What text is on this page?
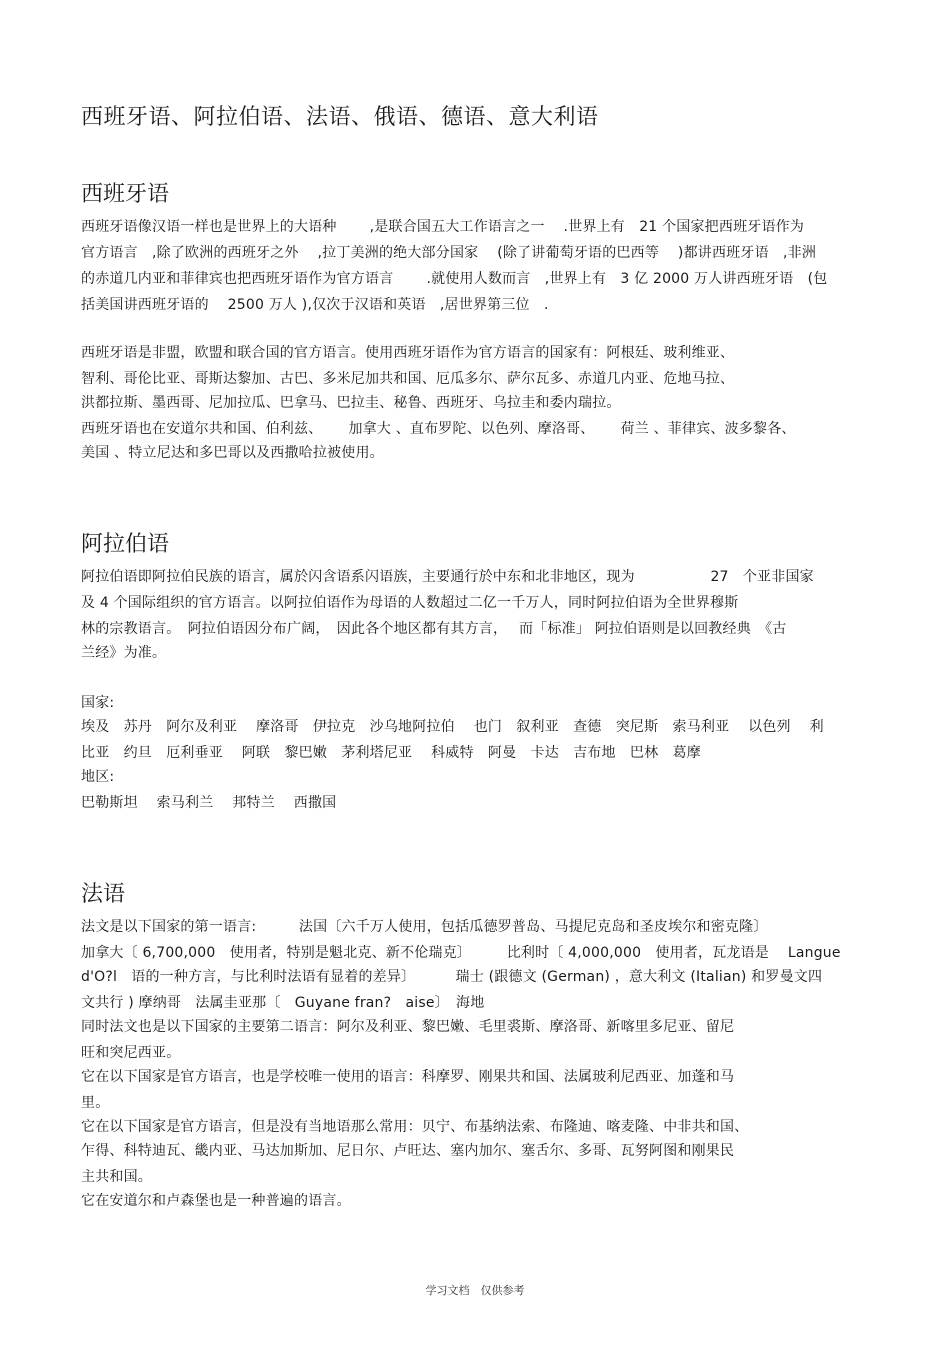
西班牙语、阿拉伯语、法语、俄语、德语、意大利语
西班牙语
西班牙语像汉语一样也是世界上的大语种　　 ,是联合国五大工作语言之一　 .世界上有　21 个国家把西班牙语作为
官方语言　,除了欧洲的西班牙之外　 ,拉丁美洲的绝大部分国家　 (除了讲葡萄牙语的巴西等　 )都讲西班牙语　,非洲
的赤道几内亚和菲律宾也把西班牙语作为官方语言　　 .就使用人数而言　,世界上有　3 亿 2000 万人讲西班牙语　(包
括美国讲西班牙语的　 2500 万人 ),仅次于汉语和英语　,居世界第三位　.
西班牙语是非盟，欧盟和联合国的官方语言。使用西班牙语作为官方语言的国家有：阿根廷、玻利维亚、
智利、哥伦比亚、哥斯达黎加、古巴、多米尼加共和国、厄瓜多尔、萨尔瓦多、赤道几内亚、危地马拉、
洪都拉斯、墨西哥、尼加拉瓜、巴拿马、巴拉圭、秘鲁、西班牙、乌拉圭和委内瑞拉。
西班牙语也在安道尔共和国、伯利兹、　　 加拿大 、直布罗陀、以色列、摩洛哥、　　 荷兰 、菲律宾、波多黎各、
美国 、特立尼达和多巴哥以及西撒哈拉被使用。
阿拉伯语
阿拉伯语即阿拉伯民族的语言，属於闪含语系闪语族，主要通行於中东和北非地区，现为　　　　　 27　个亚非国家
及 4 个国际组织的官方语言。以阿拉伯语作为母语的人数超过二亿一千万人，同时阿拉伯语为全世界穆斯
林的宗教语言。　阿拉伯语因分布广阔，　因此各个地区都有其方言，　 而「标准」 阿拉伯语则是以回教经典　《古
兰经》为准。
国家:
埃及　苏丹　阿尔及利亚　 摩洛哥　伊拉克　沙乌地阿拉伯　 也门　叙利亚　查德　突尼斯　索马利亚　 以色列　 利
比亚　约旦　厄利垂亚　 阿联　黎巴嫩　茅利塔尼亚　 科威特　阿曼　卡达　吉布地　巴林　葛摩
地区:
巴勒斯坦　 索马利兰　 邦特兰　 西撒国
法语
法文是以下国家的第一语言:　　　法国〔六千万人使用，包括瓜德罗普岛、马提尼克岛和圣皮埃尔和密克隆〕
加拿大〔 6,700,000　使用者，特别是魁北克、新不伦瑞克〕　　　比利时〔 4,000,000　使用者，瓦龙语是　 Langue
d'O?l　语的一种方言，与比利时法语有显着的差异〕　　　 瑞士 (跟德文 (German) ，意大利文 (Italian) 和罗曼文四
文共行 ) 摩纳哥　法属圭亚那〔　Guyane fran?　aise〕　海地
同时法文也是以下国家的主要第二语言：阿尔及利亚、黎巴嫩、毛里裘斯、摩洛哥、新喀里多尼亚、留尼
旺和突尼西亚。
它在以下国家是官方语言，也是学校唯一使用的语言：科摩罗、刚果共和国、法属玻利尼西亚、加蓬和马
里。
它在以下国家是官方语言，但是没有当地语那么常用：贝宁、布基纳法索、布隆迪、喀麦隆、中非共和国、
乍得、科特迪瓦、畿内亚、马达加斯加、尼日尔、卢旺达、塞内加尔、塞舌尔、多哥、瓦努阿图和刚果民
主共和国。
它在安道尔和卢森堡也是一种普遍的语言。
学习文档　仅供参考
